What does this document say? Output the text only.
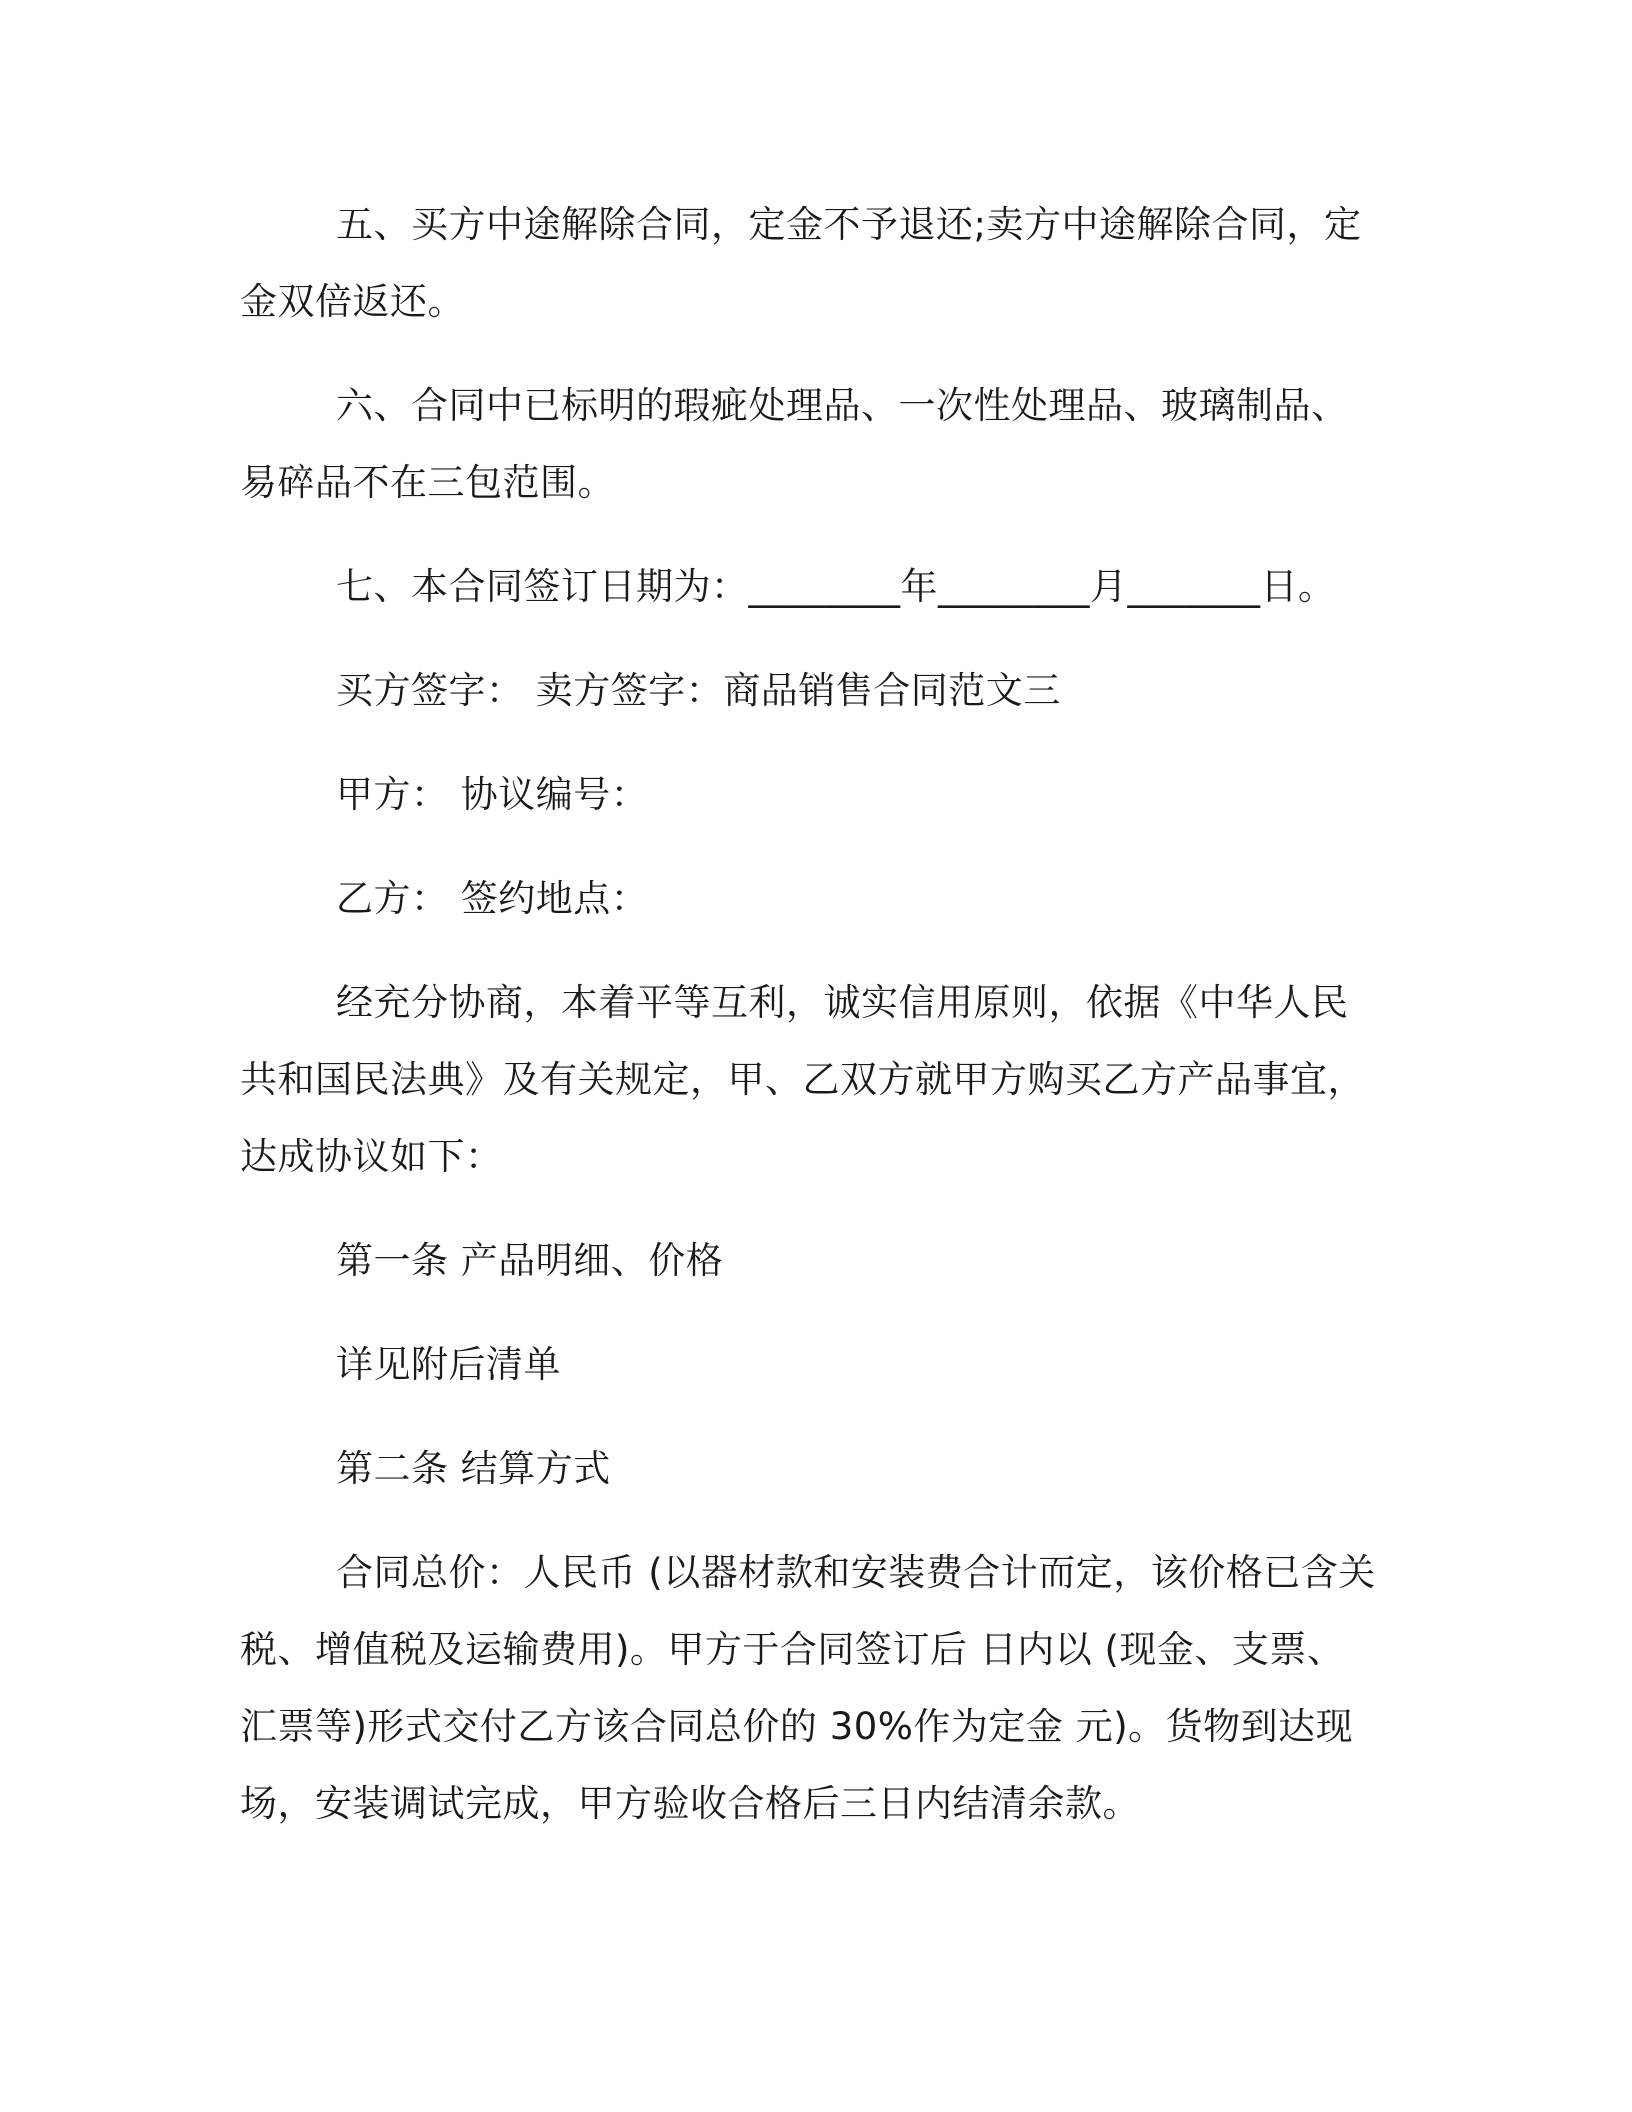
五、买方中途解除合同，定金不予退还;卖方中途解除合同，定金双倍返还。

六、合同中已标明的瑕疵处理品、一次性处理品、玻璃制品、易碎品不在三包范围。

七、本合同签订日期为：________年________月_______日。

买方签字： 卖方签字：商品销售合同范文三

甲方： 协议编号：

乙方： 签约地点：

经充分协商，本着平等互利，诚实信用原则，依据《中华人民共和国民法典》及有关规定，甲、乙双方就甲方购买乙方产品事宜，达成协议如下：

第一条 产品明细、价格

详见附后清单

第二条 结算方式

合同总价：人民币 (以器材款和安装费合计而定，该价格已含关税、增值税及运输费用)。甲方于合同签订后 日内以 (现金、支票、汇票等)形式交付乙方该合同总价的 30%作为定金 元)。货物到达现场，安装调试完成，甲方验收合格后三日内结清余款。
